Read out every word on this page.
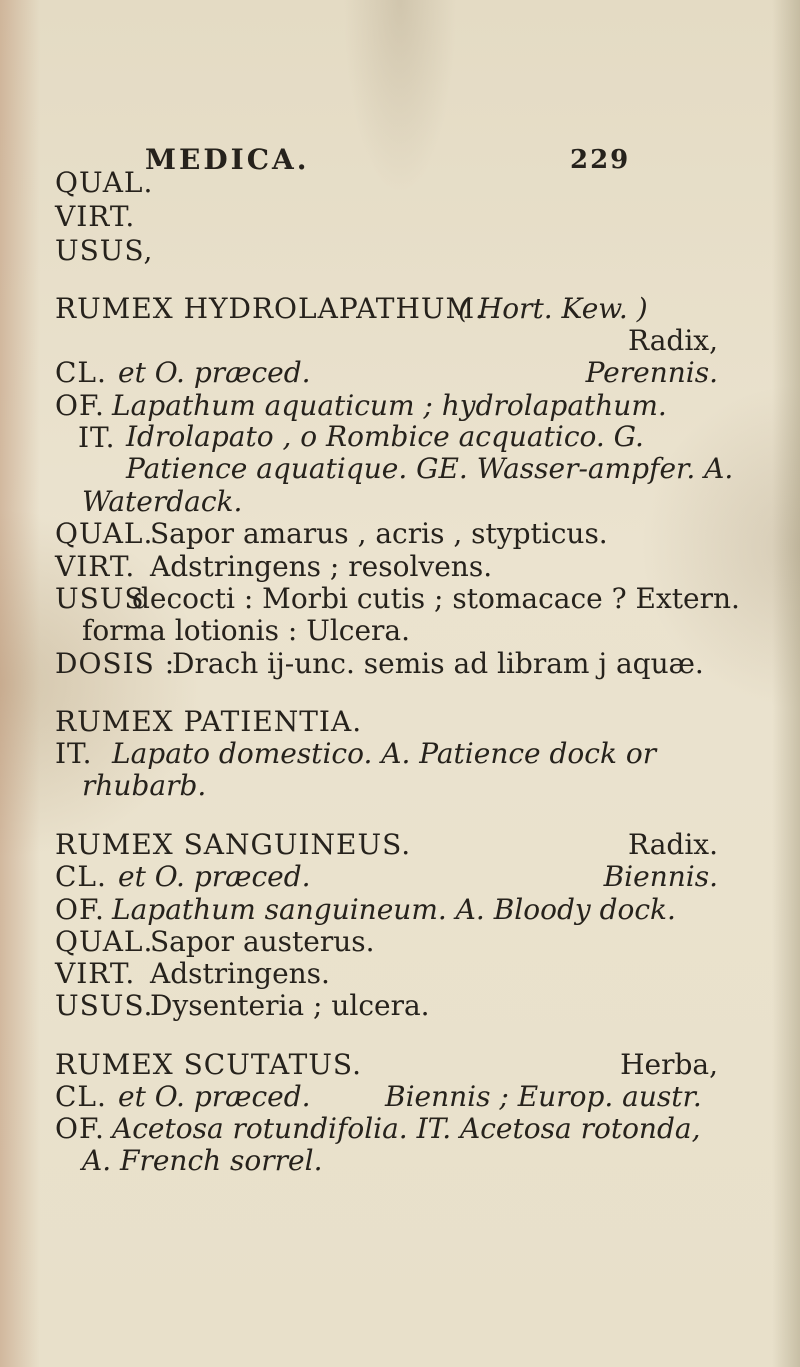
MEDICA.	229
QUAL.
VIRT.
USUS,
RUMEX HYDROLAPATHUM.
( Hort. Kew. )
Radix,
CL. et O. præced.	Perennis.
OF. Lapathum aquaticum ; hydrolapathum.
IT. Idrolapato , o Rombice acquatico. G. Patience aquatique. GE. Wasser-ampfer. A.
Waterdack.
QUAL.
Sapor amarus , acris , stypticus.
VIRT. Adstringens ; resolvens.
USUS
decocti : Morbi cutis ; stomacace ? Extern.
forma lotionis : Ulcera.
DOSIS :
Drach ij-unc. semis ad libram j aquæ.
RUMEX PATIENTIA.
IT. Lapato domestico. A. Patience dock or
rhubarb.
RUMEX SANGUINEUS.	Radix.
CL. et O. præced.	Biennis.
OF. Lapathum sanguineum. A. Bloody dock.
QUAL.
Sapor austerus.
VIRT. Adstringens.
USUS.
Dysenteria ; ulcera.
RUMEX SCUTATUS.	Herba,
CL. et O. præced.	Biennis ; Europ. austr.
OF. Acetosa rotundifolia. IT. Acetosa rotonda,
A. French sorrel.
